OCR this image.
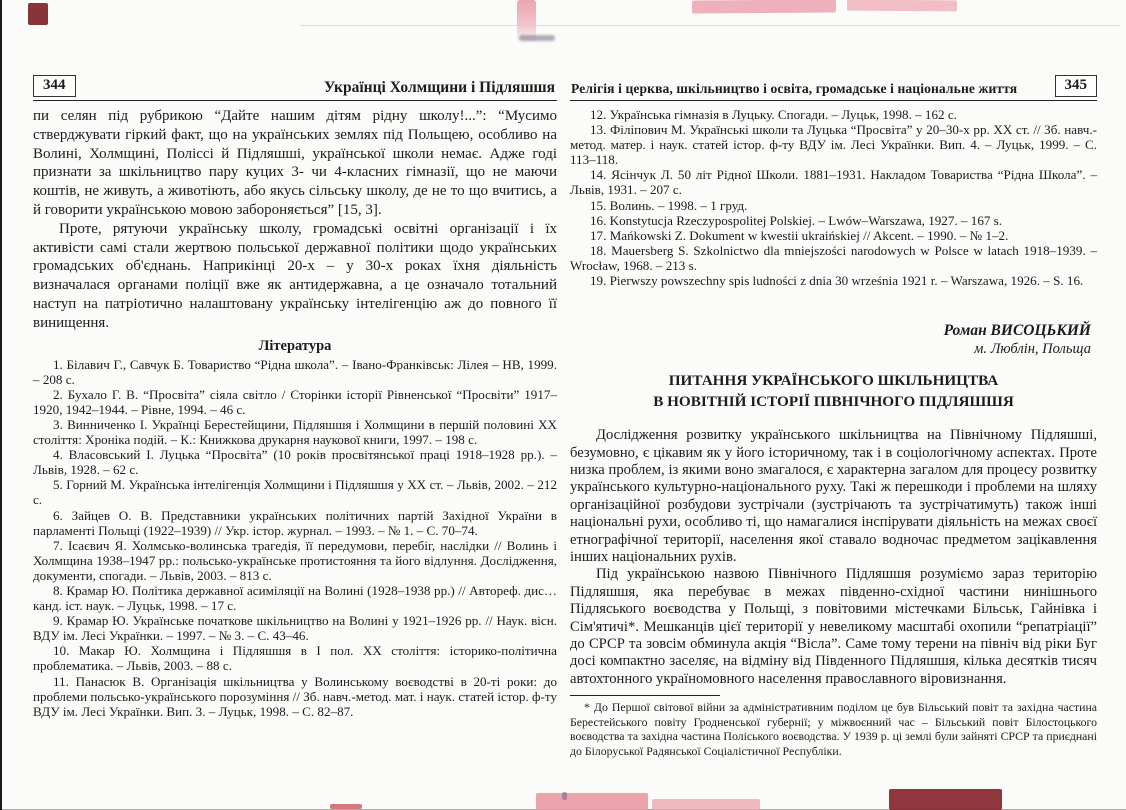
344	Українці Холмщини і Підляшшя

пи селян під рубрикою “Дайте нашим дітям рідну школу!...”: “Мусимо стверджувати гіркий факт, що на українських землях під Польщею, особливо на Волині, Холмщині, Поліссі й Підляшші, української школи немає. Адже годі признати за шкільництво пару куцих 3- чи 4-класних гімназії, що не маючи коштів, не живуть, а животіють, або якусь сільську школу, де не то що вчитись, а й говорити українською мовою забороняється” [15, 3].

Проте, рятуючи українську школу, громадські освітні організації і їх активісти самі стали жертвою польської державної політики щодо українських громадських об'єднань. Наприкінці 20-х – у 30-х роках їхня діяльність визначалася органами поліції вже як антидержавна, а це означало тотальний наступ на патріотично налаштовану українську інтелігенцію аж до повного її винищення.

Література

1. Білавич Г., Савчук Б. Товариство “Рідна школа”. – Івано-Франківськ: Лілея – НВ, 1999. – 208 с.

2. Бухало Г. В. “Просвіта” сіяла світло / Сторінки історії Рівненської “Просвіти” 1917–1920, 1942–1944. – Рівне, 1994. – 46 с.

3. Винниченко І. Українці Берестейщини, Підляшшя і Холмщини в першій половині XX століття: Хроніка подій. – К.: Книжкова друкарня наукової книги, 1997. – 198 с.

4. Власовський І. Луцька “Просвіта” (10 років просвітянської праці 1918–1928 рр.). – Львів, 1928. – 62 с.

5. Горний М. Українська інтелігенція Холмщини і Підляшшя у XX ст. – Львів, 2002. – 212 с.

6. Зайцев О. В. Представники українських політичних партій Західної України в парламенті Польщі (1922–1939) // Укр. істор. журнал. – 1993. – № 1. – С. 70–74.

7. Ісаєвич Я. Холмсько-волинська трагедія, її передумови, перебіг, наслідки // Волинь і Холмщина 1938–1947 рр.: польсько-українське протистояння та його відлуння. Дослідження, документи, спогади. – Львів, 2003. – 813 с.

8. Крамар Ю. Політика державної асиміляції на Волині (1928–1938 рр.) // Автореф. дис… канд. іст. наук. – Луцьк, 1998. – 17 с.

9. Крамар Ю. Українське початкове шкільництво на Волині у 1921–1926 рр. // Наук. вісн. ВДУ ім. Лесі Українки. – 1997. – № 3. – С. 43–46.

10. Макар Ю. Холмщина і Підляшшя в І пол. XX століття: історико-політична проблематика. – Львів, 2003. – 88 с.

11. Панасюк В. Організація шкільництва у Волинському воєводстві в 20-ті роки: до проблеми польсько-українського порозуміння // Зб. навч.-метод. мат. і наук. статей істор. ф-ту ВДУ ім. Лесі Українки. Вип. 3. – Луцьк, 1998. – С. 82–87.

Релігія і церква, шкільництво і освіта, громадське і національне життя	345

12. Українська гімназія в Луцьку. Спогади. – Луцьк, 1998. – 162 с.

13. Філіпович М. Українські школи та Луцька “Просвіта” у 20–30-х рр. XX ст. // Зб. навч.-метод. матер. і наук. статей істор. ф-ту ВДУ ім. Лесі Українки. Вип. 4. – Луцьк, 1999. – С. 113–118.

14. Ясінчук Л. 50 літ Рідної Школи. 1881–1931. Накладом Товариства “Рідна Школа”. – Львів, 1931. – 207 с.

15. Волинь. – 1998. – 1 груд.

16. Konstytucja Rzeczypospolitej Polskiej. – Lwów–Warszawa, 1927. – 167 s.

17. Mańkowski Z. Dokument w kwestii ukraińskiej // Akcent. – 1990. – № 1–2.

18. Mauersberg S. Szkolnictwo dla mniejszości narodowych w Polsce w latach 1918–1939. – Wrocław, 1968. – 213 s.

19. Pierwszy powszechny spis ludności z dnia 30 września 1921 r. – Warszawa, 1926. – S. 16.

Роман ВИСОЦЬКИЙ
м. Люблін, Польща
ПИТАННЯ УКРАЇНСЬКОГО ШКІЛЬНИЦТВА
В НОВІТНІЙ ІСТОРІЇ ПІВНІЧНОГО ПІДЛЯШШЯ

Дослідження розвитку українського шкільництва на Північному Підляшші, безумовно, є цікавим як у його історичному, так і в соціологічному аспектах. Проте низка проблем, із якими воно змагалося, є характерна загалом для процесу розвитку українського культурно-національного руху. Такі ж перешкоди і проблеми на шляху організаційної розбудови зустрічали (зустрічають та зустрічатимуть) також інші національні рухи, особливо ті, що намагалися інспірувати діяльність на межах своєї етнографічної території, населення якої ставало водночас предметом зацікавлення інших національних рухів.

Під українською назвою Північного Підляшшя розуміємо зараз територію Підляшшя, яка перебуває в межах південно-східної частини нинішнього Підляського воєводства у Польщі, з повітовими містечками Більськ, Гайнівка і Сім'ятичі*. Мешканців цієї території у невеликому масштабі охопили “репатріації” до СРСР та зовсім обминула акція “Вісла”. Саме тому терени на північ від ріки Буг досі компактно заселяє, на відміну від Південного Підляшшя, кілька десятків тисяч автохтонного україномовного населення православного віровизнання.

* До Першої світової війни за адміністративним поділом це був Більський повіт та західна частина Берестейського повіту Гродненської губернії; у міжвоєнний час – Більський повіт Білостоцького воєводства та західна частина Поліського воєводства. У 1939 р. ці землі були зайняті СРСР та приєднані до Білоруської Радянської Соціалістичної Республіки.
